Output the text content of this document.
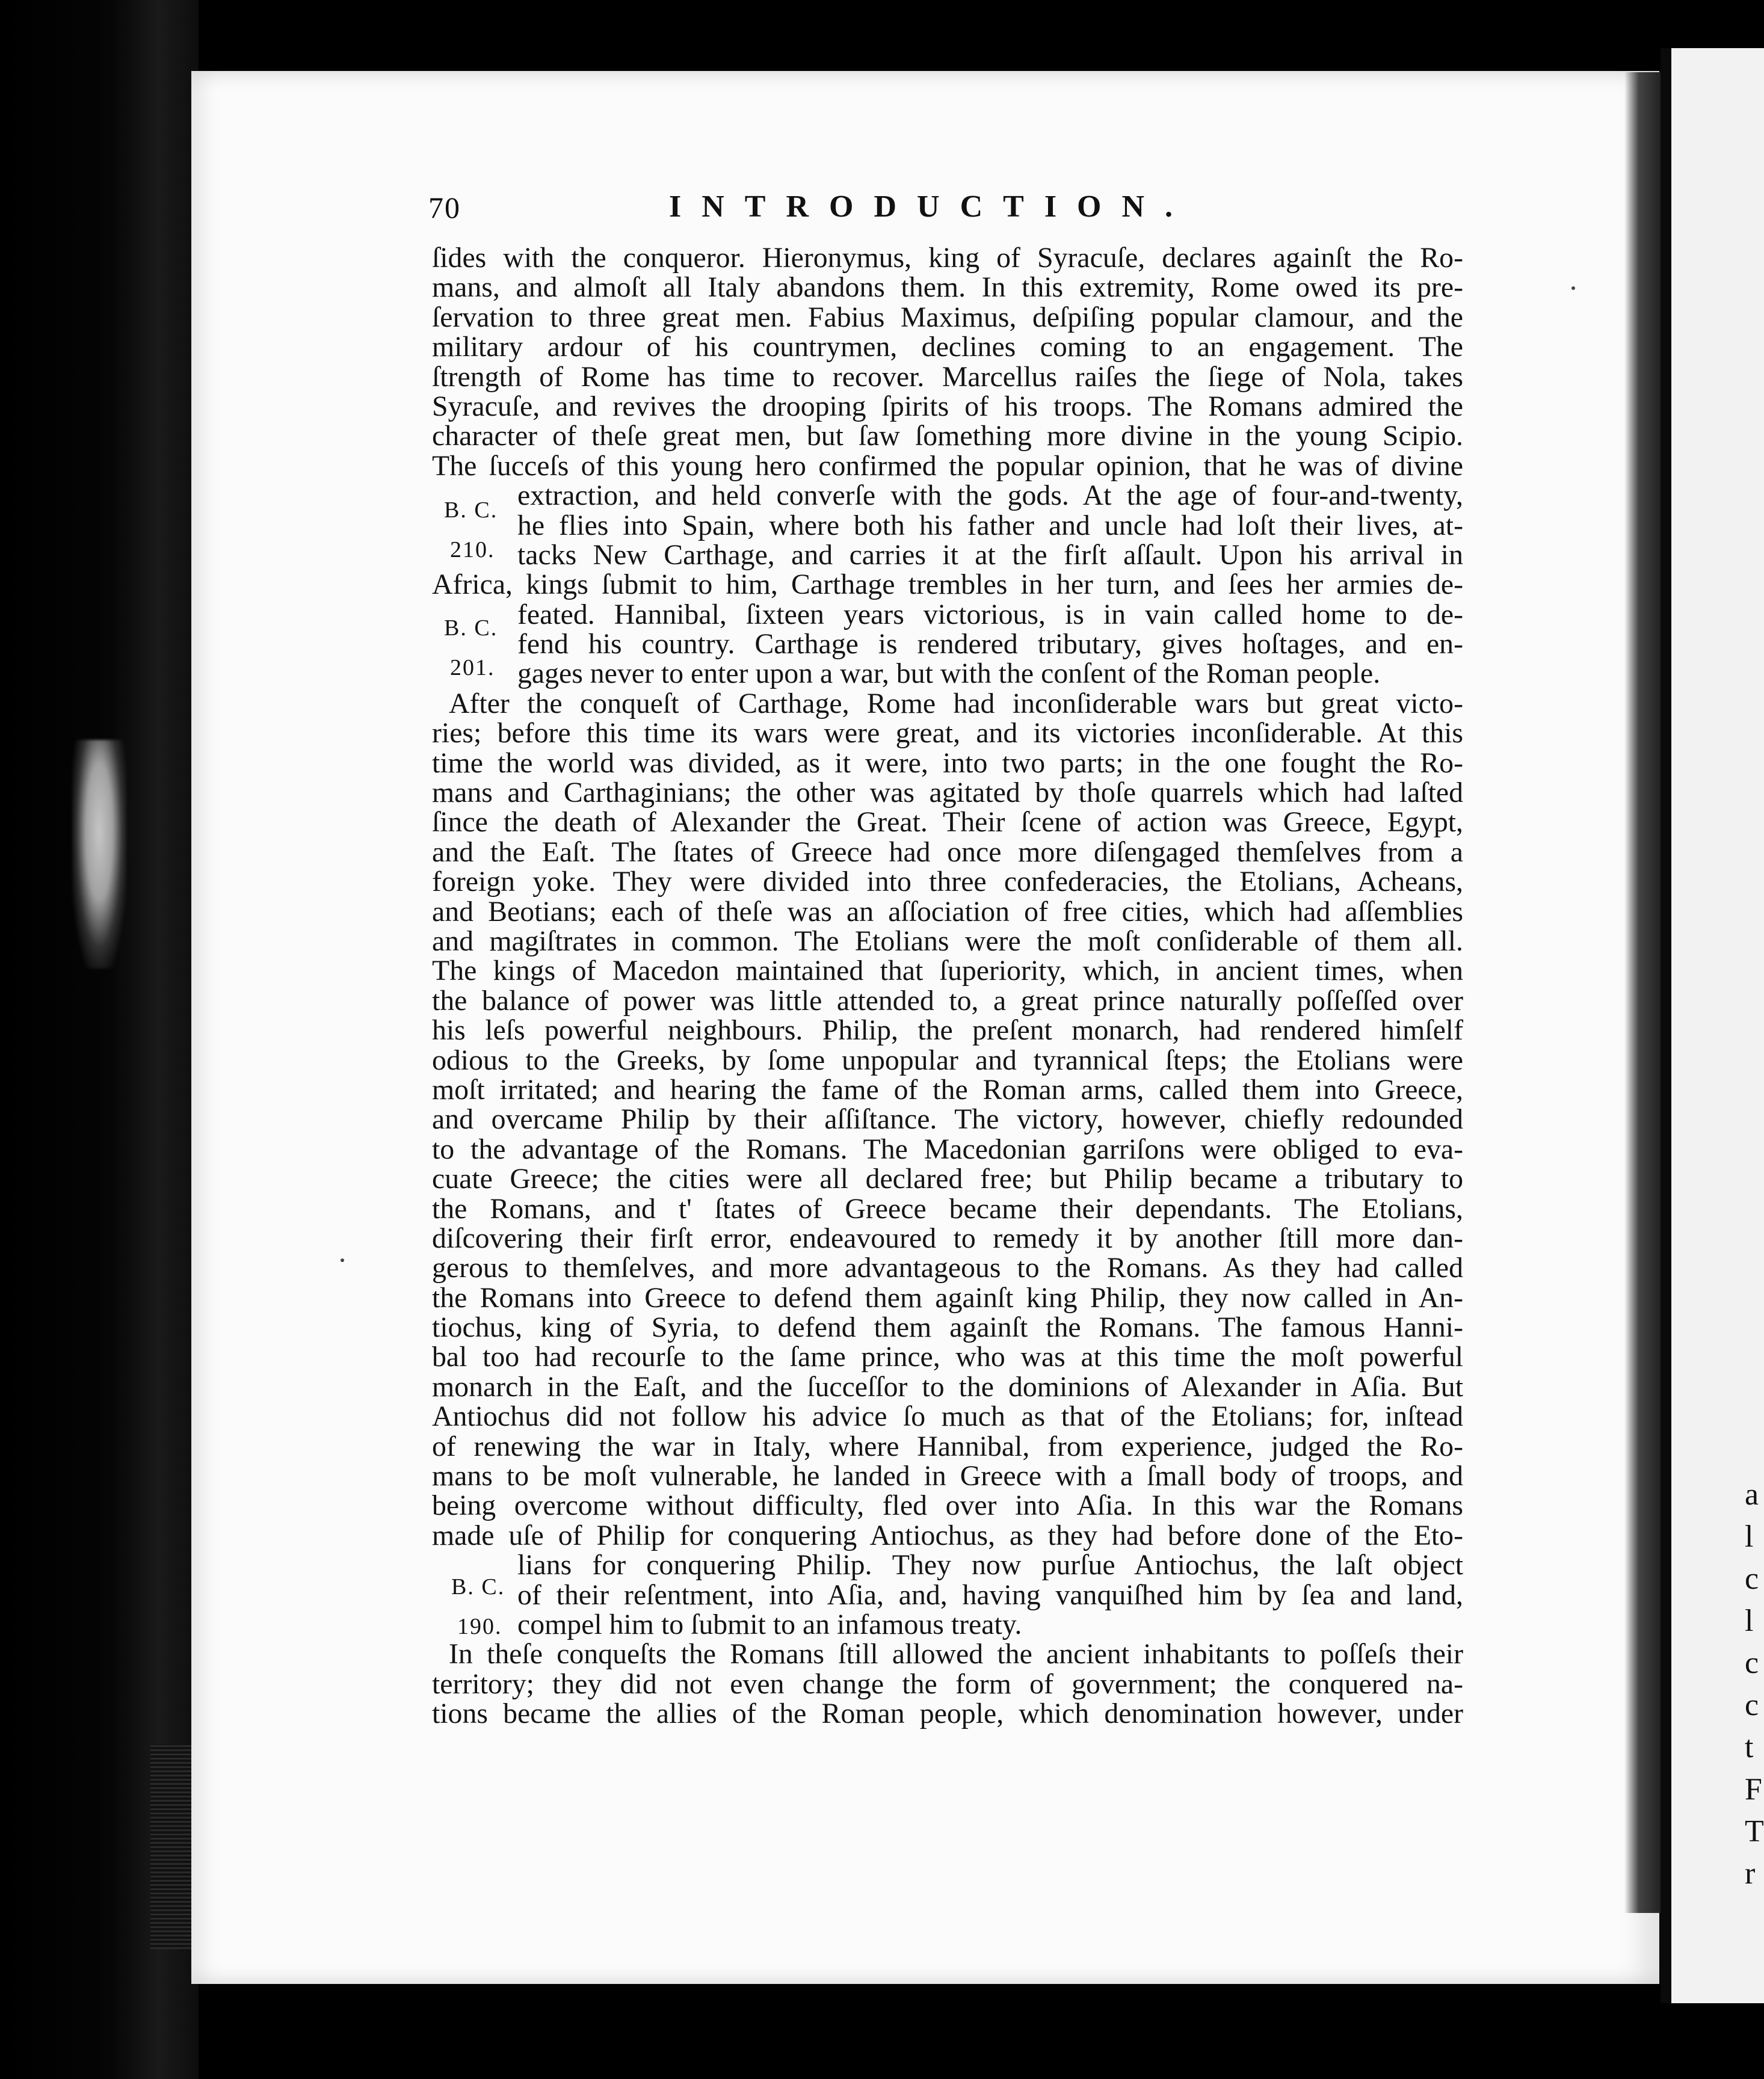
a
l
c
l
c
c
t
F
T
r
70	INTRODUCTION.
ſides with the conqueror. Hieronymus, king of Syracuſe, declares againſt the Ro-
mans, and almoſt all Italy abandons them. In this extremity, Rome owed its pre-
ſervation to three great men. Fabius Maximus, deſpiſing popular clamour, and the
military ardour of his countrymen, declines coming to an engagement. The
ſtrength of Rome has time to recover. Marcellus raiſes the ſiege of Nola, takes
Syracuſe, and revives the drooping ſpirits of his troops. The Romans admired the
character of theſe great men, but ſaw ſomething more divine in the young Scipio.
The ſucceſs of this young hero confirmed the popular opinion, that he was of divine
extraction, and held converſe with the gods. At the age of four-and-twenty,
he flies into Spain, where both his father and uncle had loſt their lives, at-
tacks New Carthage, and carries it at the firſt aſſault. Upon his arrival in
Africa, kings ſubmit to him, Carthage trembles in her turn, and ſees her armies de-
feated. Hannibal, ſixteen years victorious, is in vain called home to de-
fend his country. Carthage is rendered tributary, gives hoſtages, and en-
gages never to enter upon a war, but with the conſent of the Roman people.
After the conqueſt of Carthage, Rome had inconſiderable wars but great victo-
ries; before this time its wars were great, and its victories inconſiderable. At this
time the world was divided, as it were, into two parts; in the one fought the Ro-
mans and Carthaginians; the other was agitated by thoſe quarrels which had laſted
ſince the death of Alexander the Great. Their ſcene of action was Greece, Egypt,
and the Eaſt. The ſtates of Greece had once more diſengaged themſelves from a
foreign yoke. They were divided into three confederacies, the Etolians, Acheans,
and Beotians; each of theſe was an aſſociation of free cities, which had aſſemblies
and magiſtrates in common. The Etolians were the moſt conſiderable of them all.
The kings of Macedon maintained that ſuperiority, which, in ancient times, when
the balance of power was little attended to, a great prince naturally poſſeſſed over
his leſs powerful neighbours. Philip, the preſent monarch, had rendered himſelf
odious to the Greeks, by ſome unpopular and tyrannical ſteps; the Etolians were
moſt irritated; and hearing the fame of the Roman arms, called them into Greece,
and overcame Philip by their aſſiſtance. The victory, however, chiefly redounded
to the advantage of the Romans. The Macedonian garriſons were obliged to eva-
cuate Greece; the cities were all declared free; but Philip became a tributary to
the Romans, and t' ſtates of Greece became their dependants. The Etolians,
diſcovering their firſt error, endeavoured to remedy it by another ſtill more dan-
gerous to themſelves, and more advantageous to the Romans. As they had called
the Romans into Greece to defend them againſt king Philip, they now called in An-
tiochus, king of Syria, to defend them againſt the Romans. The famous Hanni-
bal too had recourſe to the ſame prince, who was at this time the moſt powerful
monarch in the Eaſt, and the ſucceſſor to the dominions of Alexander in Aſia. But
Antiochus did not follow his advice ſo much as that of the Etolians; for, inſtead
of renewing the war in Italy, where Hannibal, from experience, judged the Ro-
mans to be moſt vulnerable, he landed in Greece with a ſmall body of troops, and
being overcome without difficulty, fled over into Aſia. In this war the Romans
made uſe of Philip for conquering Antiochus, as they had before done of the Eto-
lians for conquering Philip. They now purſue Antiochus, the laſt object
of their reſentment, into Aſia, and, having vanquiſhed him by ſea and land,
compel him to ſubmit to an infamous treaty.
In theſe conqueſts the Romans ſtill allowed the ancient inhabitants to poſſeſs their
territory; they did not even change the form of government; the conquered na-
tions became the allies of the Roman people, which denomination however, under
B. C.
210.
B. C.
201.
B. C.
190.
